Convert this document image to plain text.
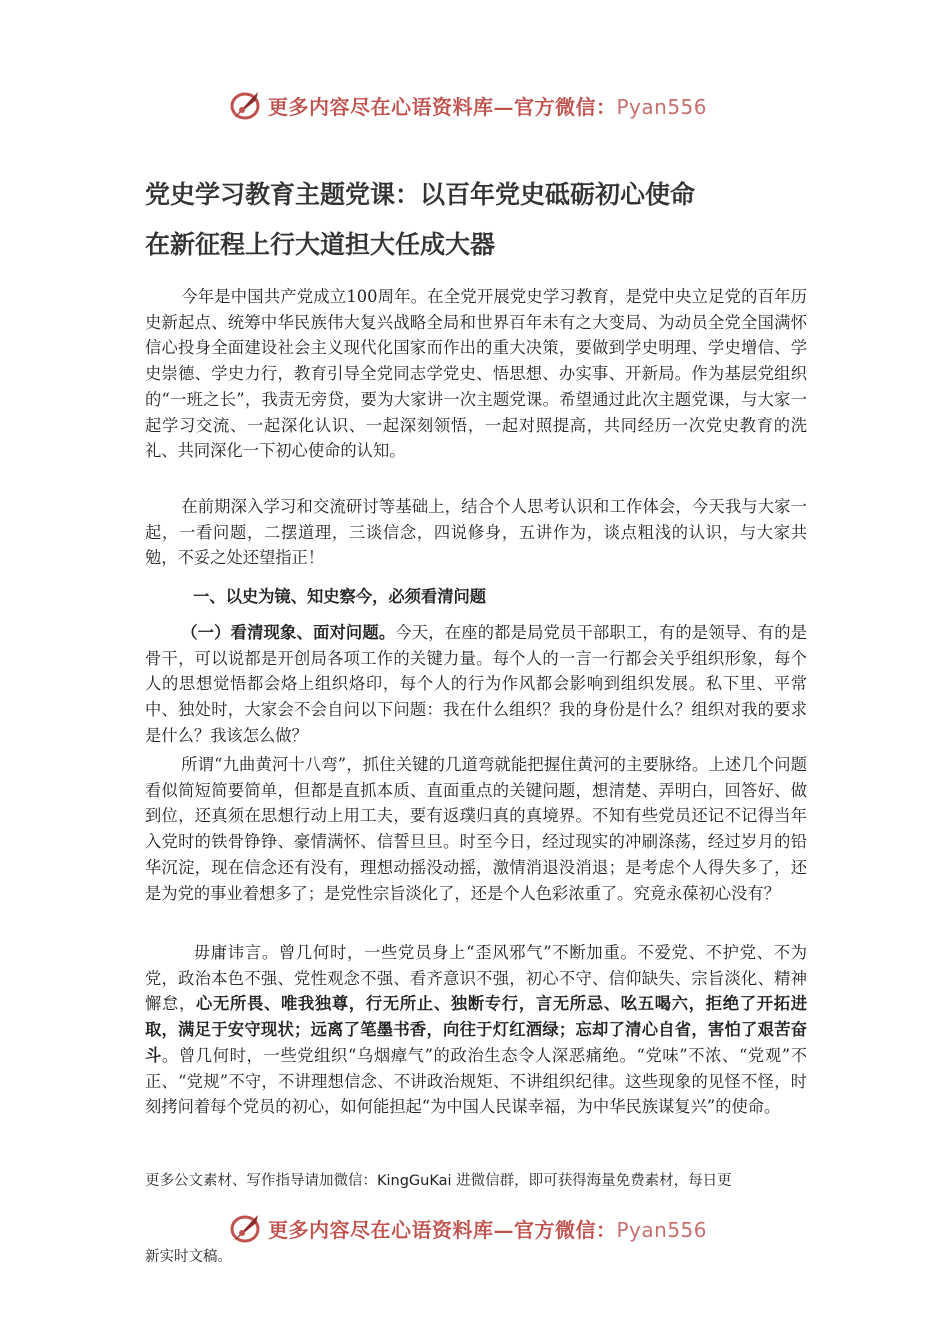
更多内容尽在心语资料库—官方微信：Pyan556
党史学习教育主题党课：以百年党史砥砺初心使命
在新征程上行大道担大任成大器

今年是中国共产党成立100周年。在全党开展党史学习教育，是党中央立足党的百年历史新起点、统筹中华民族伟大复兴战略全局和世界百年未有之大变局、为动员全党全国满怀信心投身全面建设社会主义现代化国家而作出的重大决策，要做到学史明理、学史增信、学史崇德、学史力行，教育引导全党同志学党史、悟思想、办实事、开新局。作为基层党组织的“一班之长”，我责无旁贷，要为大家讲一次主题党课。希望通过此次主题党课，与大家一起学习交流、一起深化认识、一起深刻领悟，一起对照提高，共同经历一次党史教育的洗礼、共同深化一下初心使命的认知。

在前期深入学习和交流研讨等基础上，结合个人思考认识和工作体会，今天我与大家一起，一看问题，二摆道理，三谈信念，四说修身，五讲作为，谈点粗浅的认识，与大家共勉，不妥之处还望指正！

一、以史为镜、知史察今，必须看清问题

（一）看清现象、面对问题。今天，在座的都是局党员干部职工，有的是领导、有的是骨干，可以说都是开创局各项工作的关键力量。每个人的一言一行都会关乎组织形象，每个人的思想觉悟都会烙上组织烙印，每个人的行为作风都会影响到组织发展。私下里、平常中、独处时，大家会不会自问以下问题：我在什么组织？我的身份是什么？组织对我的要求是什么？我该怎么做？

所谓“九曲黄河十八弯”，抓住关键的几道弯就能把握住黄河的主要脉络。上述几个问题看似简短简要简单，但都是直抓本质、直面重点的关键问题，想清楚、弄明白，回答好、做到位，还真须在思想行动上用工夫，要有返璞归真的真境界。不知有些党员还记不记得当年入党时的铁骨铮铮、豪情满怀、信誓旦旦。时至今日，经过现实的冲刷涤荡，经过岁月的铅华沉淀，现在信念还有没有，理想动摇没动摇，激情消退没消退；是考虑个人得失多了，还是为党的事业着想多了；是党性宗旨淡化了，还是个人色彩浓重了。究竟永葆初心没有？

毋庸讳言。曾几何时，一些党员身上“歪风邪气”不断加重。不爱党、不护党、不为党，政治本色不强、党性观念不强、看齐意识不强，初心不守、信仰缺失、宗旨淡化、精神懈怠，心无所畏、唯我独尊，行无所止、独断专行，言无所忌、吆五喝六，拒绝了开拓进取，满足于安守现状；远离了笔墨书香，向往于灯红酒绿；忘却了清心自省，害怕了艰苦奋斗。曾几何时，一些党组织“乌烟瘴气”的政治生态令人深恶痛绝。“党味”不浓、“党观”不正、“党规”不守，不讲理想信念、不讲政治规矩、不讲组织纪律。这些现象的见怪不怪，时刻拷问着每个党员的初心，如何能担起“为中国人民谋幸福，为中华民族谋复兴”的使命。

更多公文素材、写作指导请加微信：KingGuKai 进微信群，即可获得海量免费素材，每日更
更多内容尽在心语资料库—官方微信：Pyan556
新实时文稿。
